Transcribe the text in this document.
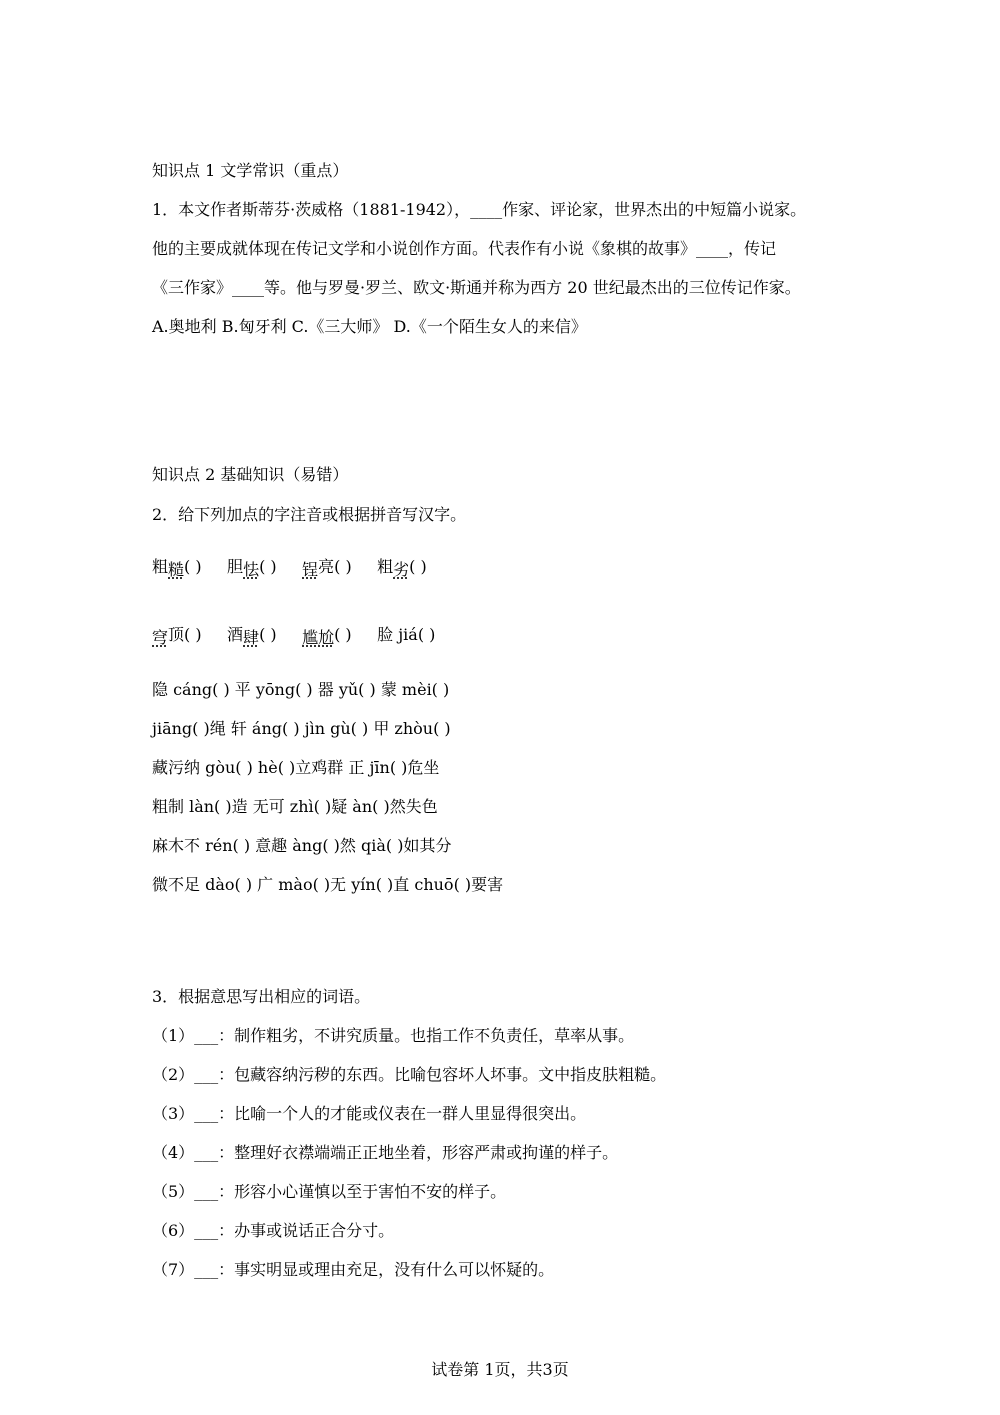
知识点 1 文学常识（重点）
1．本文作者斯蒂芬·茨威格（1881-1942），____作家、评论家，世界杰出的中短篇小说家。
他的主要成就体现在传记文学和小说创作方面。代表作有小说《象棋的故事》____，传记
《三作家》____等。他与罗曼·罗兰、欧文·斯通并称为西方 20 世纪最杰出的三位传记作家。
A.奥地利 B.匈牙利 C.《三大师》 D.《一个陌生女人的来信》
知识点 2 基础知识（易错）
2．给下列加点的字注音或根据拼音写汉字。
粗糙( ) 胆怯( ) 锃亮( ) 粗劣( )
穹顶( ) 酒肆( ) 尴尬( ) 脸 jiá( )
隐 cáng( ) 平 yōng( ) 器 yǔ( ) 蒙 mèi( )
jiāng( )绳 轩 áng( ) jìn gù( ) 甲 zhòu( )
藏污纳 gòu( ) hè( )立鸡群 正 jīn( )危坐
粗制 làn( )造 无可 zhì( )疑 àn( )然失色
麻木不 rén( ) 意趣 àng( )然 qià( )如其分
微不足 dào( ) 广 mào( )无 yín( )直 chuō( )要害
3．根据意思写出相应的词语。
（1）___：制作粗劣，不讲究质量。也指工作不负责任，草率从事。
（2）___：包藏容纳污秽的东西。比喻包容坏人坏事。文中指皮肤粗糙。
（3）___：比喻一个人的才能或仪表在一群人里显得很突出。
（4）___：整理好衣襟端端正正地坐着，形容严肃或拘谨的样子。
（5）___：形容小心谨慎以至于害怕不安的样子。
（6）___：办事或说话正合分寸。
（7）___：事实明显或理由充足，没有什么可以怀疑的。
试卷第 1页，共3页
